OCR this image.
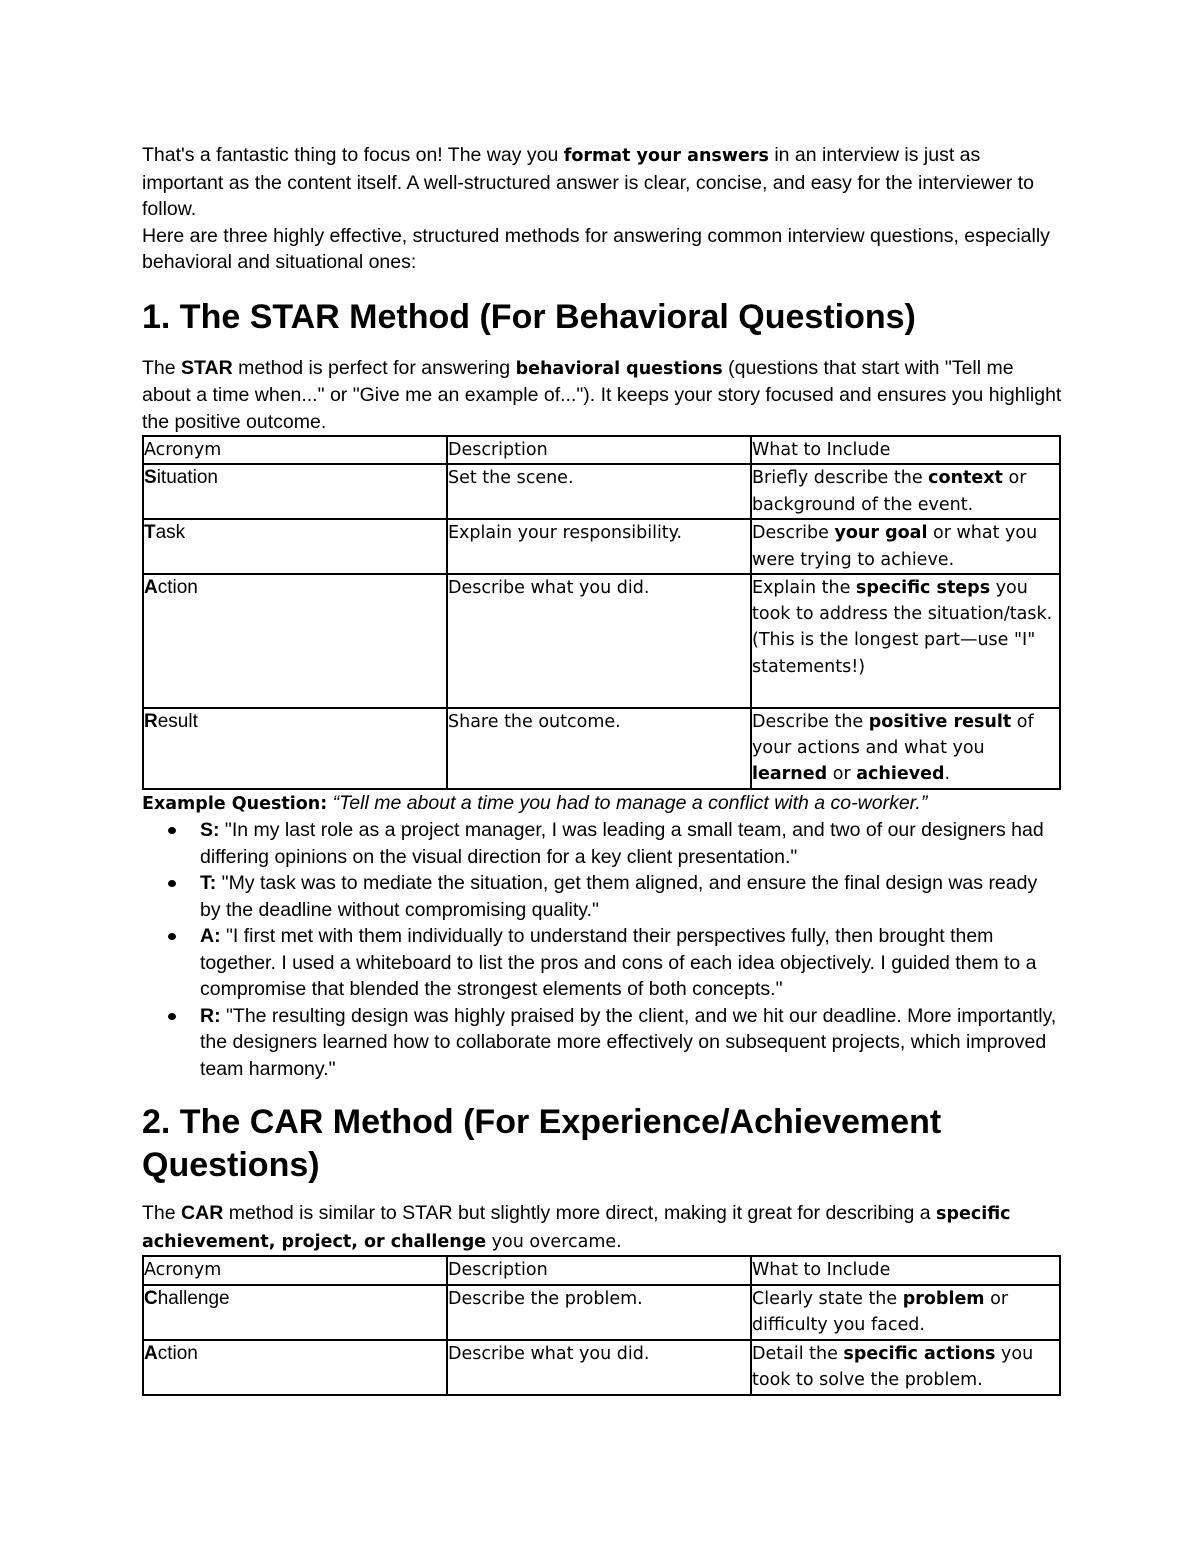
That's a fantastic thing to focus on! The way you format your answers in an interview is just as important as the content itself. A well-structured answer is clear, concise, and easy for the interviewer to follow.

Here are three highly effective, structured methods for answering common interview questions, especially behavioral and situational ones:

1. The STAR Method (For Behavioral Questions)

The STAR method is perfect for answering behavioral questions (questions that start with "Tell me about a time when..." or "Give me an example of..."). It keeps your story focused and ensures you highlight the positive outcome.

Acronym	Description	What to Include
Situation	Set the scene.	Briefly describe the context or background of the event.
Task	Explain your responsibility.	Describe your goal or what you were trying to achieve.
Action	Describe what you did.	Explain the specific steps you took to address the situation/task. (This is the longest part—use "I" statements!)
Result	Share the outcome.	Describe the positive result of your actions and what you learned or achieved.

Example Question: “Tell me about a time you had to manage a conflict with a co-worker.”

S: "In my last role as a project manager, I was leading a small team, and two of our designers had differing opinions on the visual direction for a key client presentation."
T: "My task was to mediate the situation, get them aligned, and ensure the final design was ready by the deadline without compromising quality."
A: "I first met with them individually to understand their perspectives fully, then brought them together. I used a whiteboard to list the pros and cons of each idea objectively. I guided them to a compromise that blended the strongest elements of both concepts."
R: "The resulting design was highly praised by the client, and we hit our deadline. More importantly, the designers learned how to collaborate more effectively on subsequent projects, which improved team harmony."
2. The CAR Method (For Experience/Achievement Questions)

The CAR method is similar to STAR but slightly more direct, making it great for describing a specific achievement, project, or challenge you overcame.

Acronym	Description	What to Include
Challenge	Describe the problem.	Clearly state the problem or difficulty you faced.
Action	Describe what you did.	Detail the specific actions you took to solve the problem.
